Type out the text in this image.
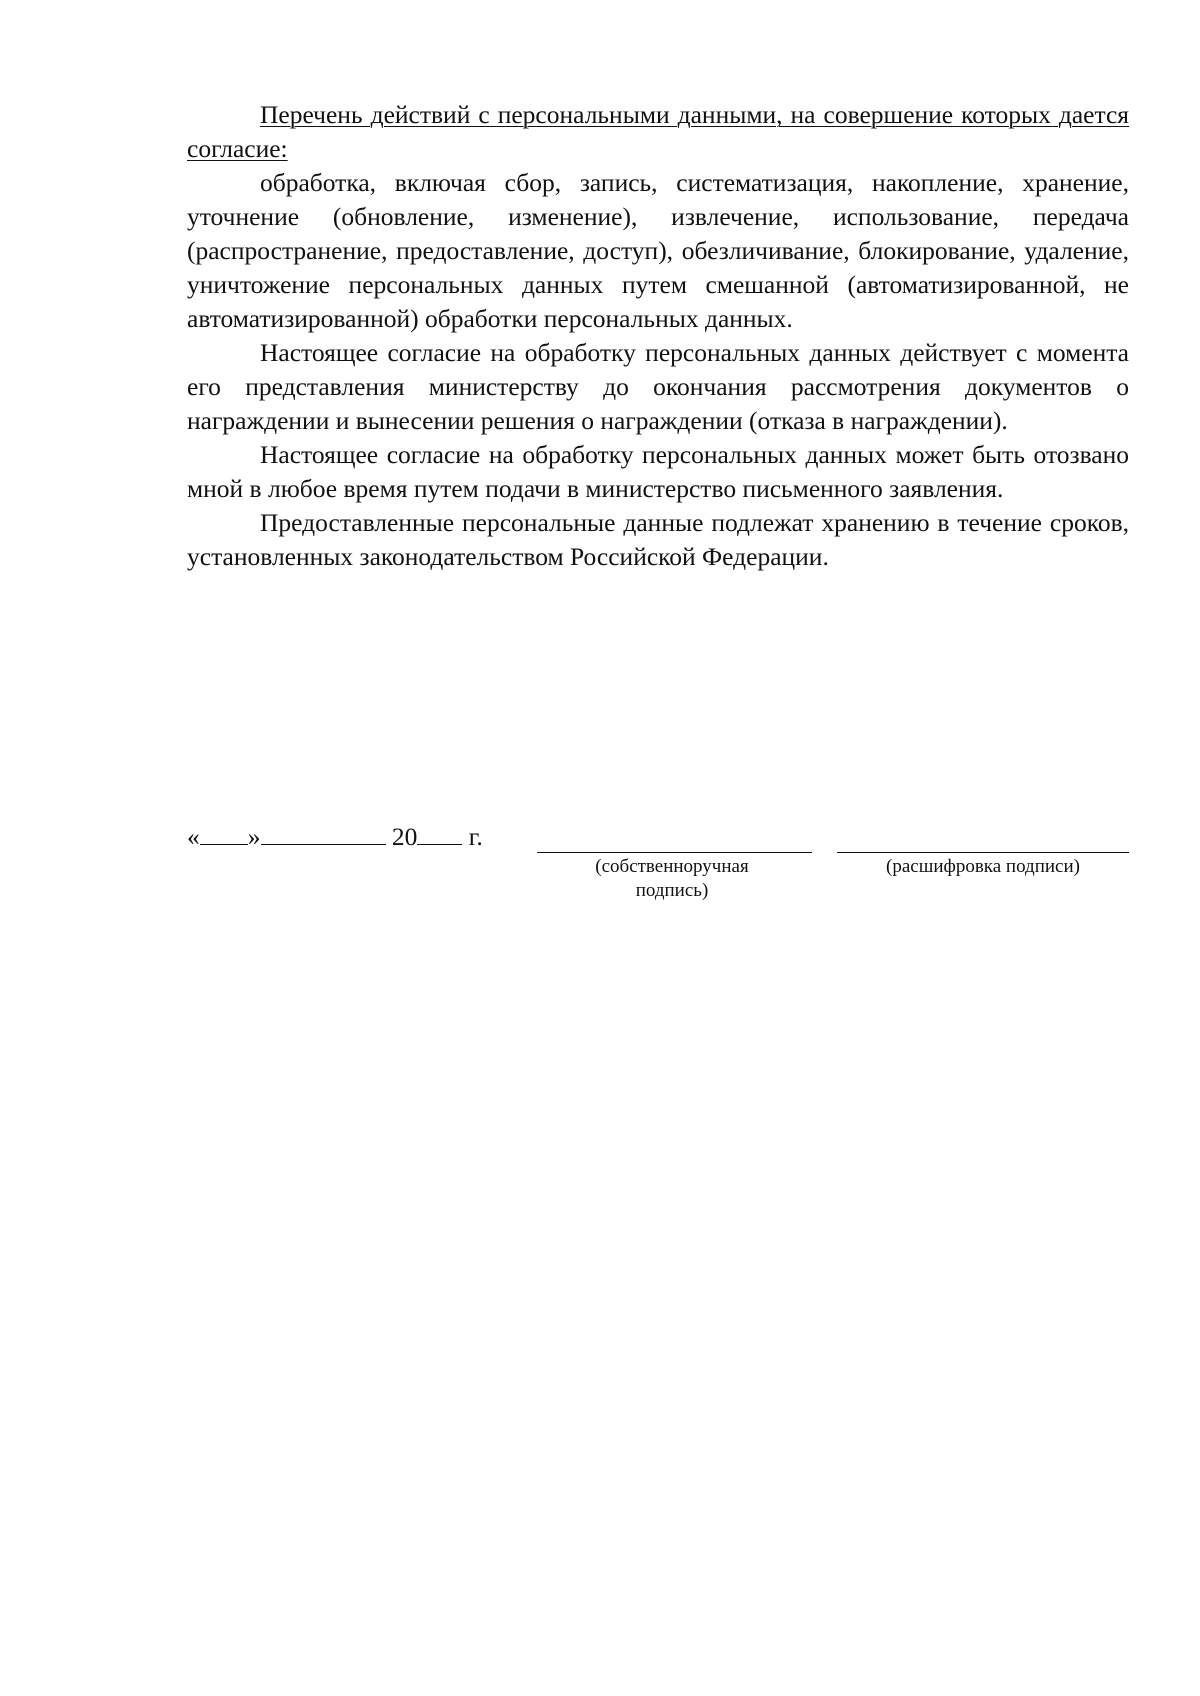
Перечень действий с персональными данными, на совершение которых дается согласие:

обработка, включая сбор, запись, систематизация, накопление, хранение, уточнение (обновление, изменение), извлечение, использование, передача (распространение, предоставление, доступ), обезличивание, блокирование, удаление, уничтожение персональных данных путем смешанной (автоматизированной, не автоматизированной) обработки персональных данных.

Настоящее согласие на обработку персональных данных действует с момента его представления министерству до окончания рассмотрения документов о награждении и вынесении решения о награждении (отказа в награждении).

Настоящее согласие на обработку персональных данных может быть отозвано мной в любое время путем подачи в министерство письменного заявления.

Предоставленные персональные данные подлежат хранению в течение сроков, установленных законодательством Российской Федерации.

« »	20 г.
(собственноручная подпись)
(расшифровка подписи)
